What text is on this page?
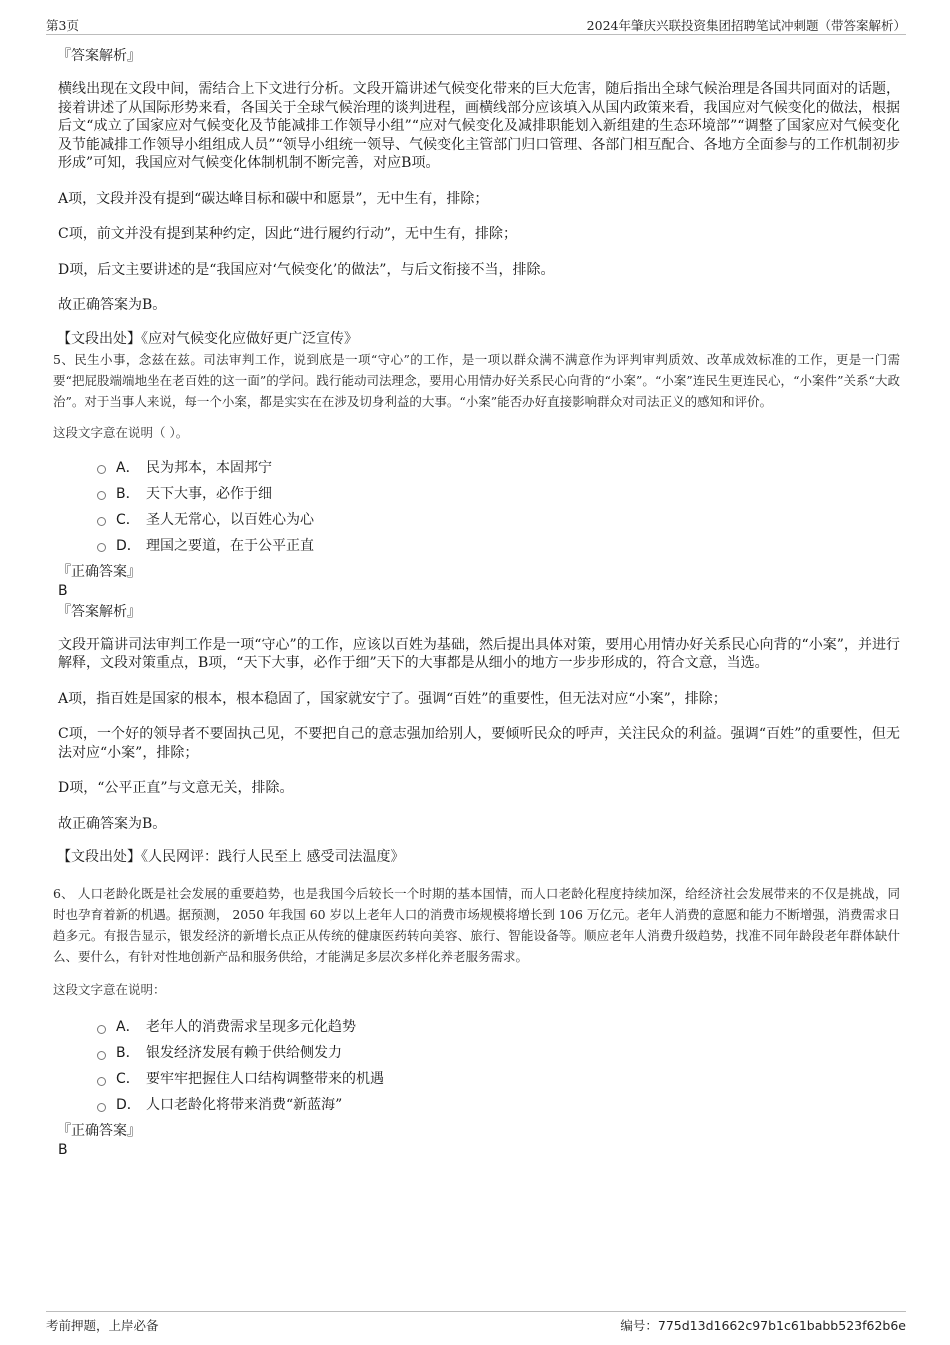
第3页	2024年肇庆兴联投资集团招聘笔试冲刺题（带答案解析）

『答案解析』

横线出现在文段中间，需结合上下文进行分析。文段开篇讲述气候变化带来的巨大危害，随后指出全球气候治理是各国共同面对的话题，接着讲述了从国际形势来看，各国关于全球气候治理的谈判进程，画横线部分应该填入从国内政策来看，我国应对气候变化的做法，根据后文“成立了国家应对气候变化及节能减排工作领导小组”“应对气候变化及减排职能划入新组建的生态环境部”“调整了国家应对气候变化及节能减排工作领导小组组成人员”“领导小组统一领导、气候变化主管部门归口管理、各部门相互配合、各地方全面参与的工作机制初步形成”可知，我国应对气候变化体制机制不断完善，对应B项。

A项，文段并没有提到“碳达峰目标和碳中和愿景”，无中生有，排除；

C项，前文并没有提到某种约定，因此“进行履约行动”，无中生有，排除；

D项，后文主要讲述的是“我国应对‘气候变化’的做法”，与后文衔接不当，排除。

故正确答案为B。

【文段出处】《应对气候变化应做好更广泛宣传》

5、民生小事，念兹在兹。司法审判工作，说到底是一项“守心”的工作，是一项以群众满不满意作为评判审判质效、改革成效标准的工作，更是一门需要“把屁股端端地坐在老百姓的这一面”的学问。践行能动司法理念，要用心用情办好关系民心向背的“小案”。“小案”连民生更连民心，“小案件”关系“大政治”。对于当事人来说，每一个小案，都是实实在在涉及切身利益的大事。“小案”能否办好直接影响群众对司法正义的感知和评价。

这段文字意在说明（ ）。

A． 民为邦本，本固邦宁
B． 天下大事，必作于细
C． 圣人无常心，以百姓心为心
D． 理国之要道，在于公平正直

『正确答案』

B

『答案解析』

文段开篇讲司法审判工作是一项“守心”的工作，应该以百姓为基础，然后提出具体对策，要用心用情办好关系民心向背的“小案”，并进行解释，文段对策重点，B项，“天下大事，必作于细”天下的大事都是从细小的地方一步步形成的，符合文意，当选。

A项，指百姓是国家的根本，根本稳固了，国家就安宁了。强调“百姓”的重要性，但无法对应“小案”，排除；

C项，一个好的领导者不要固执己见，不要把自己的意志强加给别人，要倾听民众的呼声，关注民众的利益。强调“百姓”的重要性，但无法对应“小案”，排除；

D项，“公平正直”与文意无关，排除。

故正确答案为B。

【文段出处】《人民网评：践行人民至上 感受司法温度》

6、 人口老龄化既是社会发展的重要趋势，也是我国今后较长一个时期的基本国情，而人口老龄化程度持续加深，给经济社会发展带来的不仅是挑战，同时也孕育着新的机遇。据预测， 2050 年我国 60 岁以上老年人口的消费市场规模将增长到 106 万亿元。老年人消费的意愿和能力不断增强，消费需求日趋多元。有报告显示，银发经济的新增长点正从传统的健康医药转向美容、旅行、智能设备等。顺应老年人消费升级趋势，找准不同年龄段老年群体缺什么、要什么，有针对性地创新产品和服务供给，才能满足多层次多样化养老服务需求。

这段文字意在说明：

A． 老年人的消费需求呈现多元化趋势
B． 银发经济发展有赖于供给侧发力
C． 要牢牢把握住人口结构调整带来的机遇
D． 人口老龄化将带来消费“新蓝海”

『正确答案』

B

考前押题，上岸必备	编号：775d13d1662c97b1c61babb523f62b6e
